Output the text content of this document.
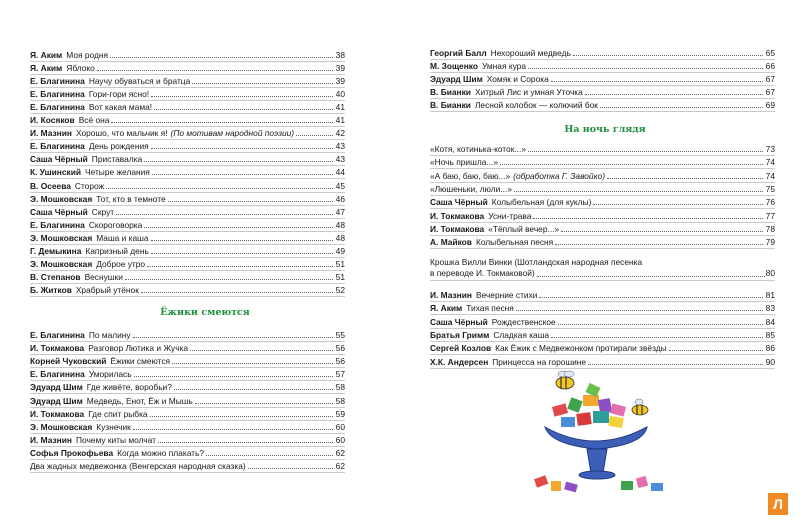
Я. Аким Моя родня	38
Я. Аким Яблоко	39
Е. Благинина Научу обуваться и братца	39
Е. Благинина Гори-гори ясно!	40
Е. Благинина Вот какая мама!	41
И. Косяков Всё она	41
И. Мазнин Хорошо, что мальчик я! (По мотивам народной поэзии)	42
Е. Благинина День рождения	43
Саша Чёрный Приставалка	43
К. Ушинский Четыре желания	44
В. Осеева Сторож	45
Э. Мошковская Тот, кто в темноте	46
Саша Чёрный Скрут	47
Е. Благинина Скороговорка	48
Э. Мошковская Маша и каша	48
Г. Демыкина Капризный день	49
Э. Мошковская Доброе утро	51
В. Степанов Веснушки	51
Б. Житков Храбрый утёнок	52
Е. Благинина По малину	55
И. Токмакова Разговор Лютика и Жучка	56
Корней Чуковский Ёжики смеются	56
Е. Благинина Уморилась	57
Эдуард Шим Где живёте, воробьи?	58
Эдуард Шим Медведь, Енот, Ёж и Мышь	58
И. Токмакова Где спит рыбка	59
Э. Мошковская Кузнечик	60
И. Мазнин Почему киты молчат	60
Софья Прокофьева Когда можно плакать?	62
Два жадных медвежонка (Венгерская народная сказка)	62
Георгий Балл Нехороший медведь	65
М. Зощенко Умная кура	66
Эдуард Шим Хомяк и Сорока	67
В. Бианки Хитрый Лис и умная Уточка	67
В. Бианки Лесной колобок — колючий бок	69
«Котя, котинька-коток...»	73
«Ночь пришла...»	74
«А баю, баю, баю...» (обработка Г. Завойко)	74
«Люшеньки, люли...»	75
Саша Чёрный Колыбельная (для куклы)	76
И. Токмакова Усни-трава	77
И. Токмакова «Тёплый вечер...»	78
А. Майков Колыбельная песня	79
И. Мазнин Вечерние стихи	81
Я. Аким Тихая песня	83
Саша Чёрный Рождественское	84
Братья Гримм Сладкая каша	85
Сергей Козлов Как Ёжик с Медвежонком протирали звёзды	86
Х.К. Андерсен Принцесса на горошине	90
Ёжики смеются
На ночь глядя
Крошка Вилли Винки (Шотландская народная песенка
в переводе И. Токмаковой)	80
Л
